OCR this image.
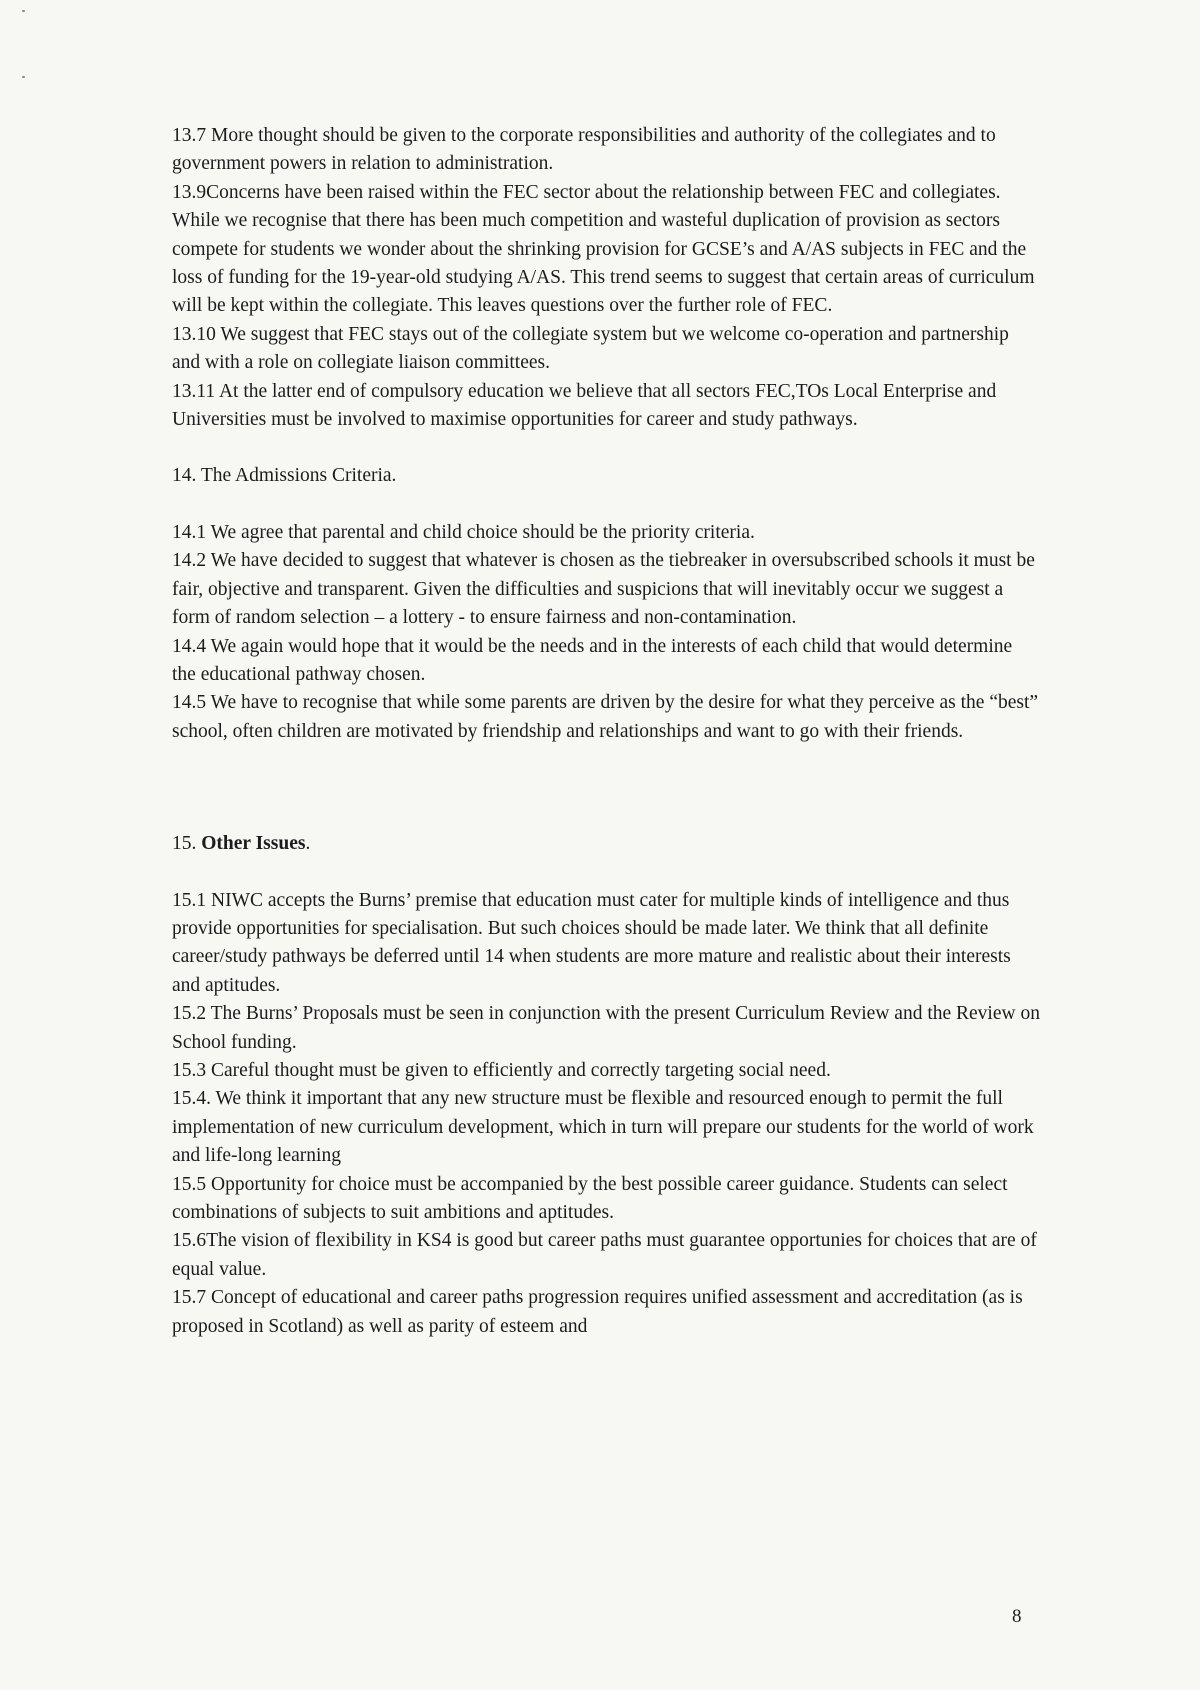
13.7 More thought should be given to the corporate responsibilities and authority of the collegiates and to government powers in relation to administration.

13.9Concerns have been raised within the FEC sector about the relationship between FEC and collegiates. While we recognise that there has been much competition and wasteful duplication of provision as sectors compete for students we wonder about the shrinking provision for GCSE’s and A/AS subjects in FEC and the loss of funding for the 19-year-old studying A/AS. This trend seems to suggest that certain areas of curriculum will be kept within the collegiate. This leaves questions over the further role of FEC.

13.10 We suggest that FEC stays out of the collegiate system but we welcome co-operation and partnership and with a role on collegiate liaison committees.

13.11 At the latter end of compulsory education we believe that all sectors FEC,TOs Local Enterprise and Universities must be involved to maximise opportunities for career and study pathways.

14. The Admissions Criteria.

14.1 We agree that parental and child choice should be the priority criteria.

14.2 We have decided to suggest that whatever is chosen as the tiebreaker in oversubscribed schools it must be fair, objective and transparent. Given the difficulties and suspicions that will inevitably occur we suggest a form of random selection – a lottery - to ensure fairness and non-contamination.

14.4 We again would hope that it would be the needs and in the interests of each child that would determine the educational pathway chosen.

14.5 We have to recognise that while some parents are driven by the desire for what they perceive as the “best” school, often children are motivated by friendship and relationships and want to go with their friends.

15. Other Issues.

15.1 NIWC accepts the Burns’ premise that education must cater for multiple kinds of intelligence and thus provide opportunities for specialisation. But such choices should be made later. We think that all definite career/study pathways be deferred until 14 when students are more mature and realistic about their interests and aptitudes.

15.2 The Burns’ Proposals must be seen in conjunction with the present Curriculum Review and the Review on School funding.

15.3 Careful thought must be given to efficiently and correctly targeting social need.

15.4. We think it important that any new structure must be flexible and resourced enough to permit the full implementation of new curriculum development, which in turn will prepare our students for the world of work and life-long learning

15.5 Opportunity for choice must be accompanied by the best possible career guidance. Students can select combinations of subjects to suit ambitions and aptitudes.

15.6The vision of flexibility in KS4 is good but career paths must guarantee opportunies for choices that are of equal value.

15.7 Concept of educational and career paths progression requires unified assessment and accreditation (as is proposed in Scotland) as well as parity of esteem and

8
